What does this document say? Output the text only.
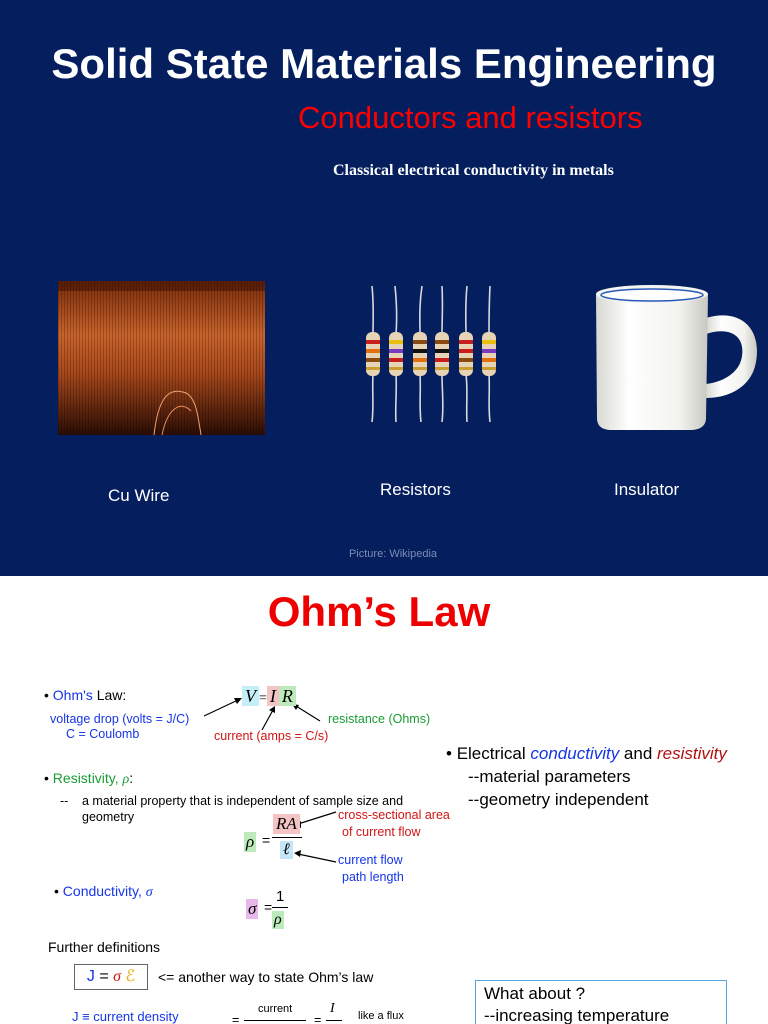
Solid State Materials Engineering
Conductors and resistors
Classical electrical conductivity in metals
Cu Wire	Resistors	Insulator
Picture: Wikipedia
Ohm’s Law
• Ohm's Law:	V = I R
voltage drop (volts = J/C)
C = Coulomb	current (amps = C/s)
resistance (Ohms)
• Resistivity, ρ:
-- a material property that is independent of sample size and
geometry
ρ =
RA
ℓ
cross-sectional area
of current flow
current flow
path length
• Conductivity, σ
σ =
1
ρ
Further definitions
J = σ ℰ	<= another way to state Ohm’s law
J ≡ current density	=
current
=
I like a flux
• Electrical conductivity and resistivity
--material parameters
--geometry independent
What about ?
--increasing temperature
